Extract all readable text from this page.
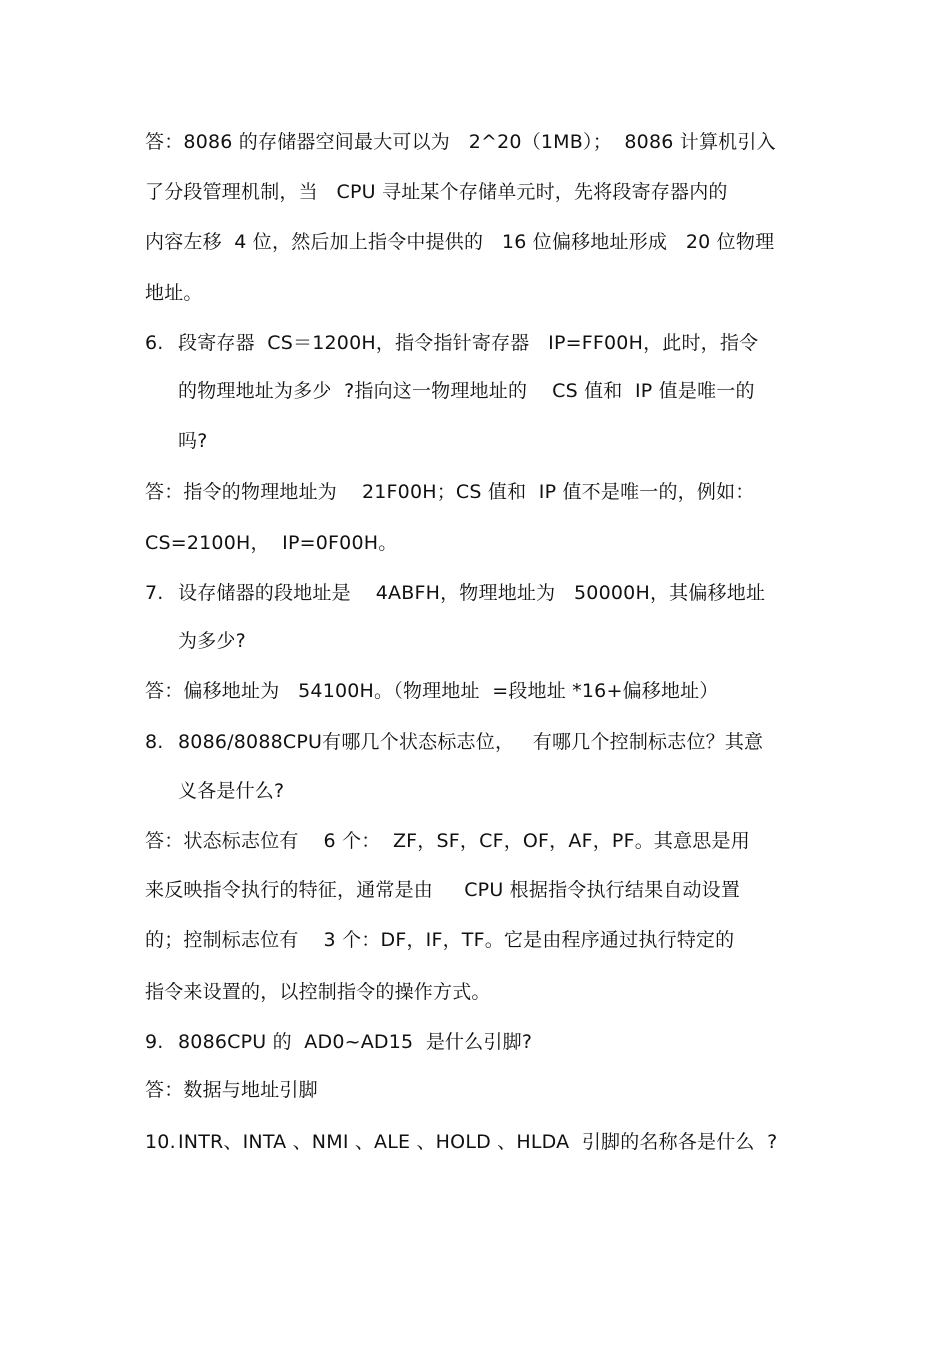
答：8086 的存储器空间最大可以为   2^20（1MB）；  8086 计算机引入
了分段管理机制，当   CPU 寻址某个存储单元时，先将段寄存器内的
内容左移  4 位，然后加上指令中提供的   16 位偏移地址形成   20 位物理
地址。
6. 段寄存器  CS＝1200H，指令指针寄存器   IP=FF00H，此时，指令
的物理地址为多少  ?指向这一物理地址的    CS 值和  IP 值是唯一的
吗?
答：指令的物理地址为    21F00H；CS 值和  IP 值不是唯一的，例如：
CS=2100H，  IP=0F00H。
7. 设存储器的段地址是    4ABFH，物理地址为   50000H，其偏移地址
为多少?
答：偏移地址为   54100H。（物理地址  =段地址 *16+偏移地址）
8. 8086/8088CPU有哪几个状态标志位，   有哪几个控制标志位？其意
义各是什么?
答：状态标志位有    6 个：  ZF，SF，CF，OF，AF，PF。其意思是用
来反映指令执行的特征，通常是由     CPU 根据指令执行结果自动设置
的；控制标志位有    3 个：DF，IF，TF。它是由程序通过执行特定的
指令来设置的，以控制指令的操作方式。
9. 8086CPU 的  AD0~AD15  是什么引脚?
答：数据与地址引脚
10. INTR、INTA 、NMI 、ALE 、HOLD 、HLDA  引脚的名称各是什么  ?
